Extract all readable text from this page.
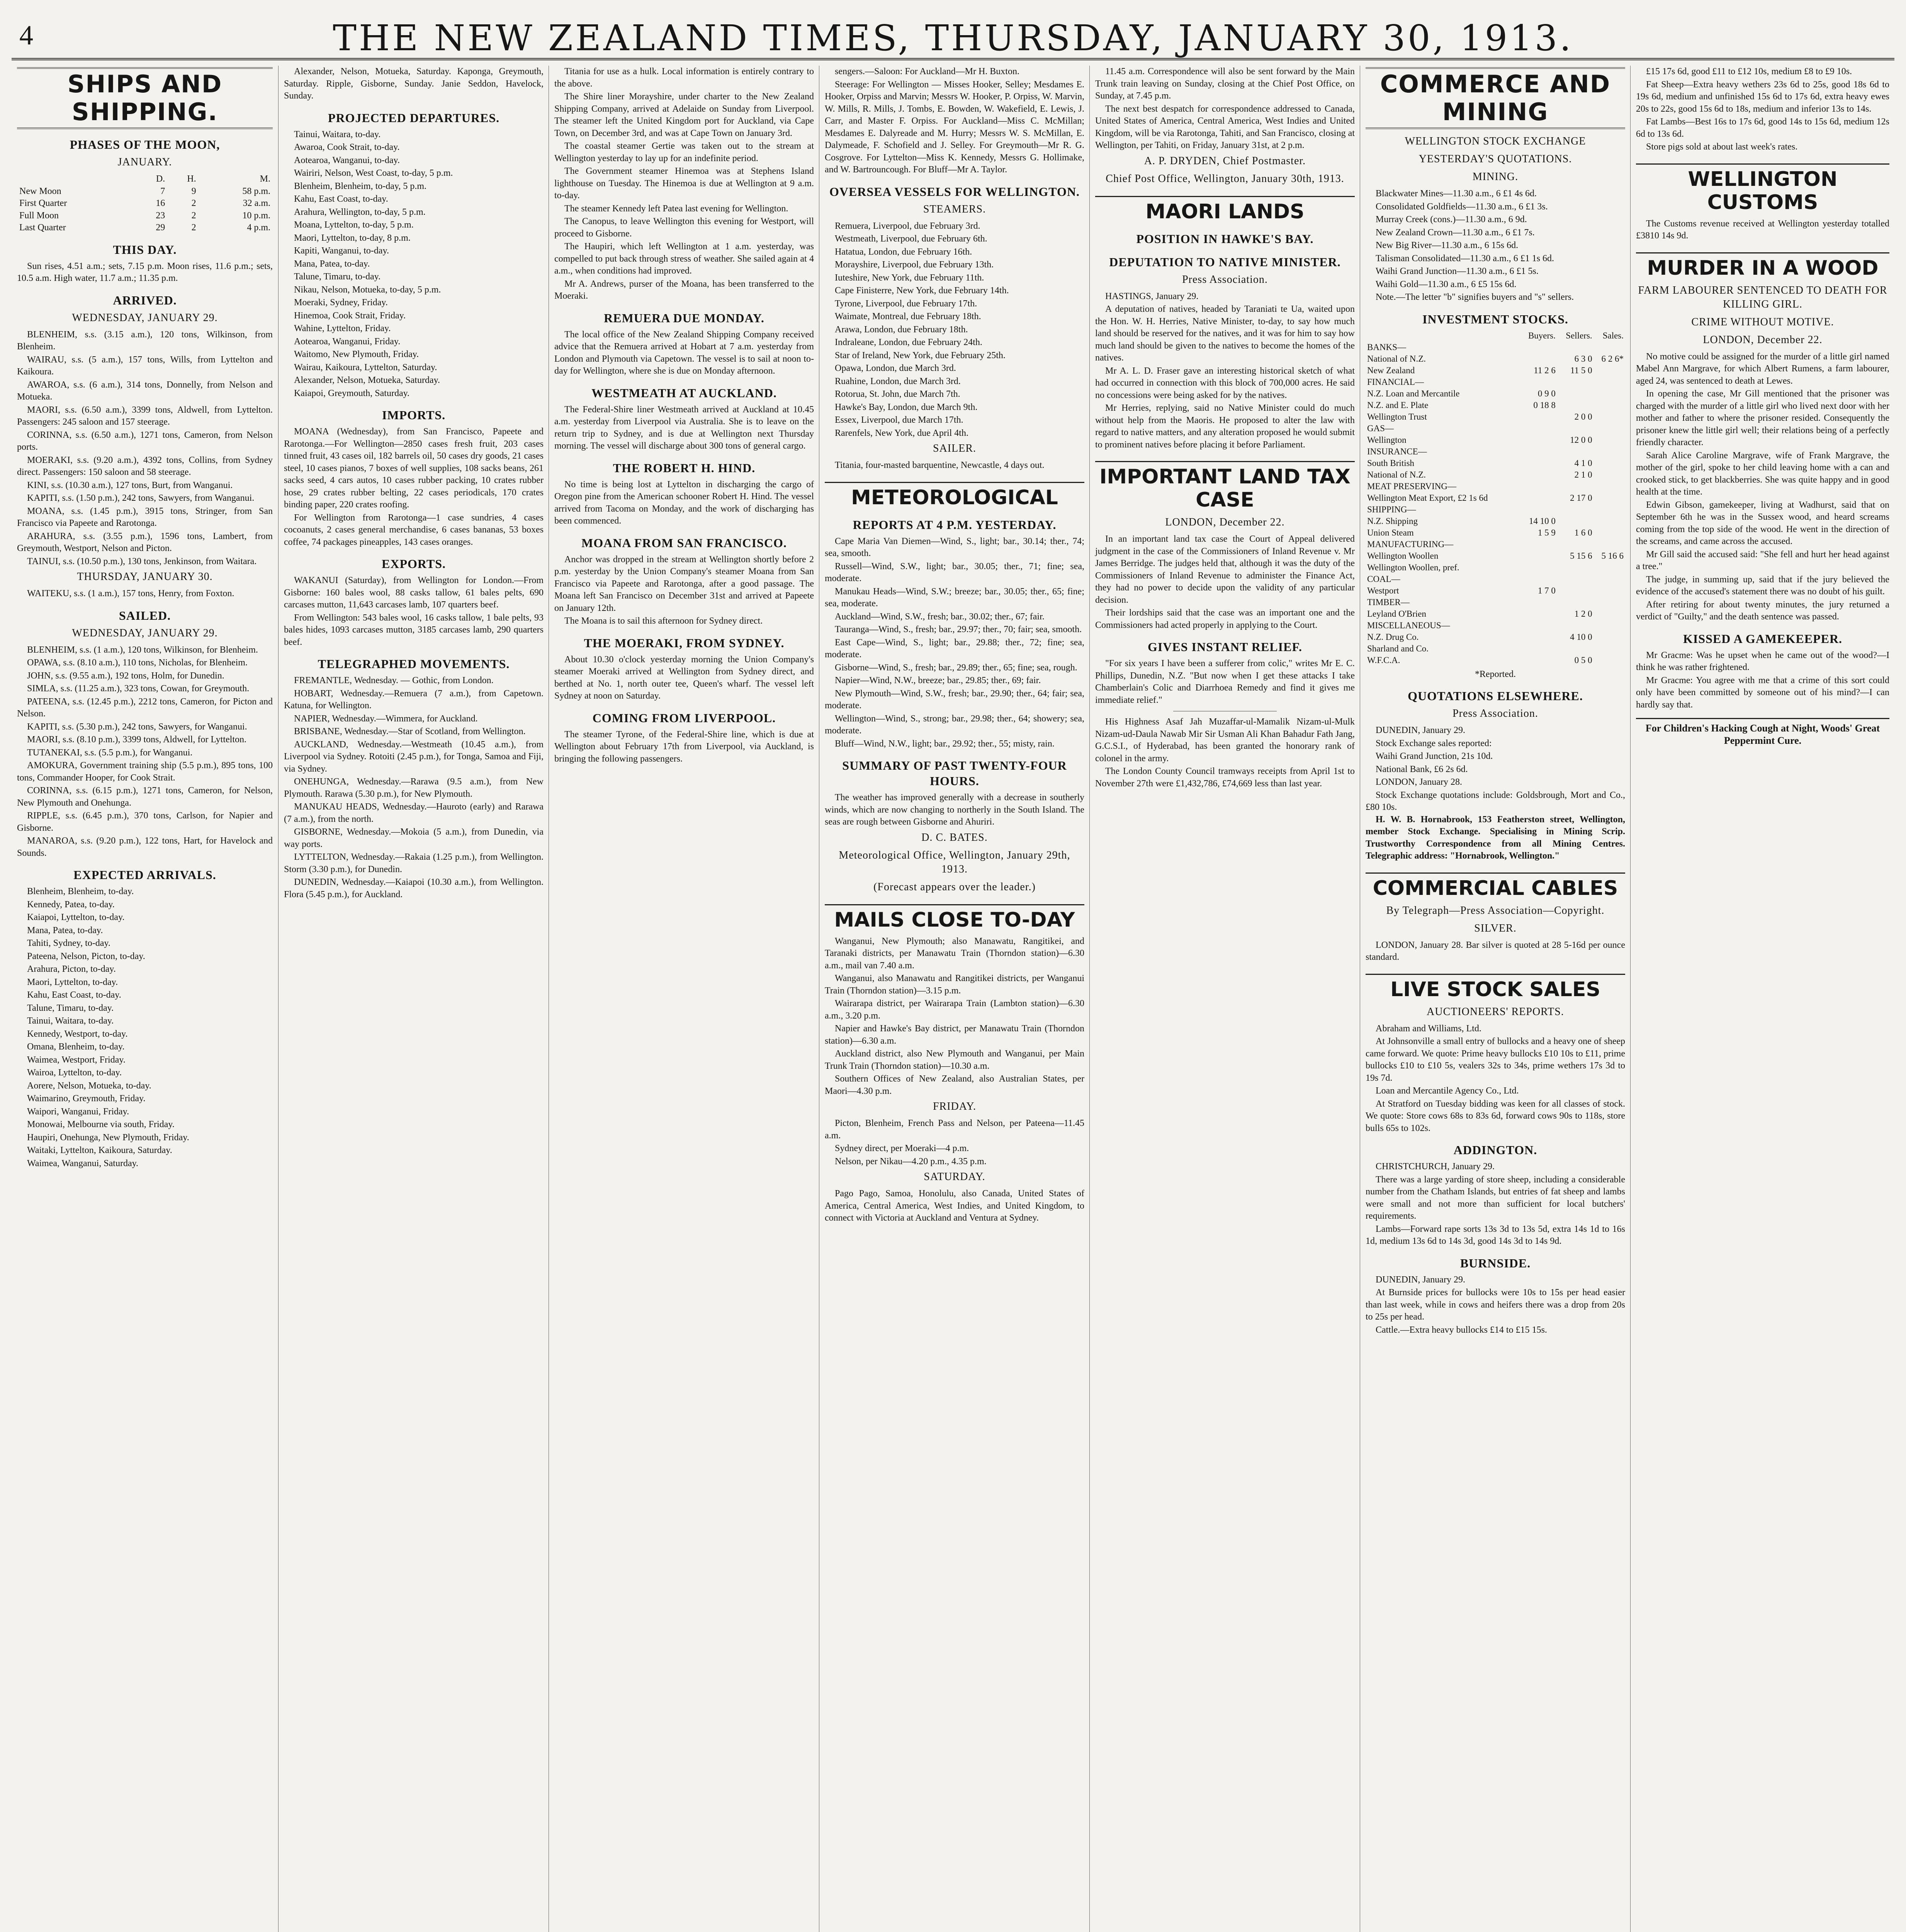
4	THE NEW ZEALAND TIMES, THURSDAY, JANUARY 30, 1913.
SHIPS AND SHIPPING.
PHASES OF THE MOON,
JANUARY.
	D.	H.	M.
New Moon	7	9	58 p.m.
First Quarter	16	2	32 a.m.
Full Moon	23	2	10 p.m.
Last Quarter	29	2	4 p.m.
THIS DAY.

Sun rises, 4.51 a.m.; sets, 7.15 p.m. Moon rises, 11.6 p.m.; sets, 10.5 a.m. High water, 11.7 a.m.; 11.35 p.m.

ARRIVED.
WEDNESDAY, JANUARY 29.

BLENHEIM, s.s. (3.15 a.m.), 120 tons, Wilkinson, from Blenheim.

WAIRAU, s.s. (5 a.m.), 157 tons, Wills, from Lyttelton and Kaikoura.

AWAROA, s.s. (6 a.m.), 314 tons, Donnelly, from Nelson and Motueka.

MAORI, s.s. (6.50 a.m.), 3399 tons, Aldwell, from Lyttelton. Passengers: 245 saloon and 157 steerage.

CORINNA, s.s. (6.50 a.m.), 1271 tons, Cameron, from Nelson ports.

MOERAKI, s.s. (9.20 a.m.), 4392 tons, Collins, from Sydney direct. Passengers: 150 saloon and 58 steerage.

KINI, s.s. (10.30 a.m.), 127 tons, Burt, from Wanganui.

KAPITI, s.s. (1.50 p.m.), 242 tons, Sawyers, from Wanganui.

MOANA, s.s. (1.45 p.m.), 3915 tons, Stringer, from San Francisco via Papeete and Rarotonga.

ARAHURA, s.s. (3.55 p.m.), 1596 tons, Lambert, from Greymouth, Westport, Nelson and Picton.

TAINUI, s.s. (10.50 p.m.), 130 tons, Jenkinson, from Waitara.

THURSDAY, JANUARY 30.

WAITEKU, s.s. (1 a.m.), 157 tons, Henry, from Foxton.

SAILED.
WEDNESDAY, JANUARY 29.

BLENHEIM, s.s. (1 a.m.), 120 tons, Wilkinson, for Blenheim.

OPAWA, s.s. (8.10 a.m.), 110 tons, Nicholas, for Blenheim.

JOHN, s.s. (9.55 a.m.), 192 tons, Holm, for Dunedin.

SIMLA, s.s. (11.25 a.m.), 323 tons, Cowan, for Greymouth.

PATEENA, s.s. (12.45 p.m.), 2212 tons, Cameron, for Picton and Nelson.

KAPITI, s.s. (5.30 p.m.), 242 tons, Sawyers, for Wanganui.

MAORI, s.s. (8.10 p.m.), 3399 tons, Aldwell, for Lyttelton.

TUTANEKAI, s.s. (5.5 p.m.), for Wanganui.

AMOKURA, Government training ship (5.5 p.m.), 895 tons, 100 tons, Commander Hooper, for Cook Strait.

CORINNA, s.s. (6.15 p.m.), 1271 tons, Cameron, for Nelson, New Plymouth and Onehunga.

RIPPLE, s.s. (6.45 p.m.), 370 tons, Carlson, for Napier and Gisborne.

MANAROA, s.s. (9.20 p.m.), 122 tons, Hart, for Havelock and Sounds.

EXPECTED ARRIVALS.

Blenheim, Blenheim, to-day.

Kennedy, Patea, to-day.

Kaiapoi, Lyttelton, to-day.

Mana, Patea, to-day.

Tahiti, Sydney, to-day.

Pateena, Nelson, Picton, to-day.

Arahura, Picton, to-day.

Maori, Lyttelton, to-day.

Kahu, East Coast, to-day.

Talune, Timaru, to-day.

Tainui, Waitara, to-day.

Kennedy, Westport, to-day.

Omana, Blenheim, to-day.

Waimea, Westport, Friday.

Wairoa, Lyttelton, to-day.

Aorere, Nelson, Motueka, to-day.

Waimarino, Greymouth, Friday.

Waipori, Wanganui, Friday.

Monowai, Melbourne via south, Friday.

Haupiri, Onehunga, New Plymouth, Friday.

Waitaki, Lyttelton, Kaikoura, Saturday.

Waimea, Wanganui, Saturday.

Alexander, Nelson, Motueka, Saturday. Kaponga, Greymouth, Saturday. Ripple, Gisborne, Sunday. Janie Seddon, Havelock, Sunday.

PROJECTED DEPARTURES.

Tainui, Waitara, to-day.

Awaroa, Cook Strait, to-day.

Aotearoa, Wanganui, to-day.

Wairiri, Nelson, West Coast, to-day, 5 p.m.

Blenheim, Blenheim, to-day, 5 p.m.

Kahu, East Coast, to-day.

Arahura, Wellington, to-day, 5 p.m.

Moana, Lyttelton, to-day, 5 p.m.

Maori, Lyttelton, to-day, 8 p.m.

Kapiti, Wanganui, to-day.

Mana, Patea, to-day.

Talune, Timaru, to-day.

Nikau, Nelson, Motueka, to-day, 5 p.m.

Moeraki, Sydney, Friday.

Hinemoa, Cook Strait, Friday.

Wahine, Lyttelton, Friday.

Aotearoa, Wanganui, Friday.

Waitomo, New Plymouth, Friday.

Wairau, Kaikoura, Lyttelton, Saturday.

Alexander, Nelson, Motueka, Saturday.

Kaiapoi, Greymouth, Saturday.

IMPORTS.

MOANA (Wednesday), from San Francisco, Papeete and Rarotonga.—For Wellington—2850 cases fresh fruit, 203 cases tinned fruit, 43 cases oil, 182 barrels oil, 50 cases dry goods, 21 cases steel, 10 cases pianos, 7 boxes of well supplies, 108 sacks beans, 261 sacks seed, 4 cars autos, 10 cases rubber packing, 10 crates rubber hose, 29 crates rubber belting, 22 cases periodicals, 170 crates binding paper, 220 crates roofing.

For Wellington from Rarotonga—1 case sundries, 4 cases cocoanuts, 2 cases general merchandise, 6 cases bananas, 53 boxes coffee, 74 packages pineapples, 143 cases oranges.

EXPORTS.

WAKANUI (Saturday), from Wellington for London.—From Gisborne: 160 bales wool, 88 casks tallow, 61 bales pelts, 690 carcases mutton, 11,643 carcases lamb, 107 quarters beef.

From Wellington: 543 bales wool, 16 casks tallow, 1 bale pelts, 93 bales hides, 1093 carcases mutton, 3185 carcases lamb, 290 quarters beef.

TELEGRAPHED MOVEMENTS.

FREMANTLE, Wednesday. — Gothic, from London.

HOBART, Wednesday.—Remuera (7 a.m.), from Capetown. Katuna, for Wellington.

NAPIER, Wednesday.—Wimmera, for Auckland.

BRISBANE, Wednesday.—Star of Scotland, from Wellington.

AUCKLAND, Wednesday.—Westmeath (10.45 a.m.), from Liverpool via Sydney. Rotoiti (2.45 p.m.), for Tonga, Samoa and Fiji, via Sydney.

ONEHUNGA, Wednesday.—Rarawa (9.5 a.m.), from New Plymouth. Rarawa (5.30 p.m.), for New Plymouth.

MANUKAU HEADS, Wednesday.—Hauroto (early) and Rarawa (7 a.m.), from the north.

GISBORNE, Wednesday.—Mokoia (5 a.m.), from Dunedin, via way ports.

LYTTELTON, Wednesday.—Rakaia (1.25 p.m.), from Wellington. Storm (3.30 p.m.), for Dunedin.

DUNEDIN, Wednesday.—Kaiapoi (10.30 a.m.), from Wellington. Flora (5.45 p.m.), for Auckland.

Titania for use as a hulk. Local information is entirely contrary to the above.

The Shire liner Morayshire, under charter to the New Zealand Shipping Company, arrived at Adelaide on Sunday from Liverpool. The steamer left the United Kingdom port for Auckland, via Cape Town, on December 3rd, and was at Cape Town on January 3rd.

The coastal steamer Gertie was taken out to the stream at Wellington yesterday to lay up for an indefinite period.

The Government steamer Hinemoa was at Stephens Island lighthouse on Tuesday. The Hinemoa is due at Wellington at 9 a.m. to-day.

The steamer Kennedy left Patea last evening for Wellington.

The Canopus, to leave Wellington this evening for Westport, will proceed to Gisborne.

The Haupiri, which left Wellington at 1 a.m. yesterday, was compelled to put back through stress of weather. She sailed again at 4 a.m., when conditions had improved.

Mr A. Andrews, purser of the Moana, has been transferred to the Moeraki.

REMUERA DUE MONDAY.

The local office of the New Zealand Shipping Company received advice that the Remuera arrived at Hobart at 7 a.m. yesterday from London and Plymouth via Capetown. The vessel is to sail at noon to-day for Wellington, where she is due on Monday afternoon.

WESTMEATH AT AUCKLAND.

The Federal-Shire liner Westmeath arrived at Auckland at 10.45 a.m. yesterday from Liverpool via Australia. She is to leave on the return trip to Sydney, and is due at Wellington next Thursday morning. The vessel will discharge about 300 tons of general cargo.

THE ROBERT H. HIND.

No time is being lost at Lyttelton in discharging the cargo of Oregon pine from the American schooner Robert H. Hind. The vessel arrived from Tacoma on Monday, and the work of discharging has been commenced.

MOANA FROM SAN FRANCISCO.

Anchor was dropped in the stream at Wellington shortly before 2 p.m. yesterday by the Union Company's steamer Moana from San Francisco via Papeete and Rarotonga, after a good passage. The Moana left San Francisco on December 31st and arrived at Papeete on January 12th.

The Moana is to sail this afternoon for Sydney direct.

THE MOERAKI, FROM SYDNEY.

About 10.30 o'clock yesterday morning the Union Company's steamer Moeraki arrived at Wellington from Sydney direct, and berthed at No. 1, north outer tee, Queen's wharf. The vessel left Sydney at noon on Saturday.

COMING FROM LIVERPOOL.

The steamer Tyrone, of the Federal-Shire line, which is due at Wellington about February 17th from Liverpool, via Auckland, is bringing the following passengers.

sengers.—Saloon: For Auckland—Mr H. Buxton.

Steerage: For Wellington — Misses Hooker, Selley; Mesdames E. Hooker, Orpiss and Marvin; Messrs W. Hooker, P. Orpiss, W. Marvin, W. Mills, R. Mills, J. Tombs, E. Bowden, W. Wakefield, E. Lewis, J. Carr, and Master F. Orpiss. For Auckland—Miss C. McMillan; Mesdames E. Dalyreade and M. Hurry; Messrs W. S. McMillan, E. Dalymeade, F. Schofield and J. Selley. For Greymouth—Mr R. G. Cosgrove. For Lyttelton—Miss K. Kennedy, Messrs G. Hollimake, and W. Bartrouncough. For Bluff—Mr A. Taylor.

OVERSEA VESSELS FOR WELLINGTON.
STEAMERS.

Remuera, Liverpool, due February 3rd.

Westmeath, Liverpool, due February 6th.

Hatatua, London, due February 16th.

Morayshire, Liverpool, due February 13th.

Iuteshire, New York, due February 11th.

Cape Finisterre, New York, due February 14th.

Tyrone, Liverpool, due February 17th.

Waimate, Montreal, due February 18th.

Arawa, London, due February 18th.

Indraleane, London, due February 24th.

Star of Ireland, New York, due February 25th.

Opawa, London, due March 3rd.

Ruahine, London, due March 3rd.

Rotorua, St. John, due March 7th.

Hawke's Bay, London, due March 9th.

Essex, Liverpool, due March 17th.

Rarenfels, New York, due April 4th.

SAILER.

Titania, four-masted barquentine, Newcastle, 4 days out.

METEOROLOGICAL
REPORTS AT 4 P.M. YESTERDAY.

Cape Maria Van Diemen—Wind, S., light; bar., 30.14; ther., 74; sea, smooth.

Russell—Wind, S.W., light; bar., 30.05; ther., 71; fine; sea, moderate.

Manukau Heads—Wind, S.W.; breeze; bar., 30.05; ther., 65; fine; sea, moderate.

Auckland—Wind, S.W., fresh; bar., 30.02; ther., 67; fair.

Tauranga—Wind, S., fresh; bar., 29.97; ther., 70; fair; sea, smooth.

East Cape—Wind, S., light; bar., 29.88; ther., 72; fine; sea, moderate.

Gisborne—Wind, S., fresh; bar., 29.89; ther., 65; fine; sea, rough.

Napier—Wind, N.W., breeze; bar., 29.85; ther., 69; fair.

New Plymouth—Wind, S.W., fresh; bar., 29.90; ther., 64; fair; sea, moderate.

Wellington—Wind, S., strong; bar., 29.98; ther., 64; showery; sea, moderate.

Bluff—Wind, N.W., light; bar., 29.92; ther., 55; misty, rain.

SUMMARY OF PAST TWENTY-FOUR HOURS.

The weather has improved generally with a decrease in southerly winds, which are now changing to northerly in the South Island. The seas are rough between Gisborne and Ahuriri.

D. C. BATES.
Meteorological Office, Wellington, January 29th, 1913.
(Forecast appears over the leader.)
MAILS CLOSE TO-DAY

Wanganui, New Plymouth; also Manawatu, Rangitikei, and Taranaki districts, per Manawatu Train (Thorndon station)—6.30 a.m., mail van 7.40 a.m.

Wanganui, also Manawatu and Rangitikei districts, per Wanganui Train (Thorndon station)—3.15 p.m.

Wairarapa district, per Wairarapa Train (Lambton station)—6.30 a.m., 3.20 p.m.

Napier and Hawke's Bay district, per Manawatu Train (Thorndon station)—6.30 a.m.

Auckland district, also New Plymouth and Wanganui, per Main Trunk Train (Thorndon station)—10.30 a.m.

Southern Offices of New Zealand, also Australian States, per Maori—4.30 p.m.

FRIDAY.

Picton, Blenheim, French Pass and Nelson, per Pateena—11.45 a.m.

Sydney direct, per Moeraki—4 p.m.

Nelson, per Nikau—4.20 p.m., 4.35 p.m.

SATURDAY.

Pago Pago, Samoa, Honolulu, also Canada, United States of America, Central America, West Indies, and United Kingdom, to connect with Victoria at Auckland and Ventura at Sydney.

11.45 a.m. Correspondence will also be sent forward by the Main Trunk train leaving on Sunday, closing at the Chief Post Office, on Sunday, at 7.45 p.m.

The next best despatch for correspondence addressed to Canada, United States of America, Central America, West Indies and United Kingdom, will be via Rarotonga, Tahiti, and San Francisco, closing at Wellington, per Tahiti, on Friday, January 31st, at 2 p.m.

A. P. DRYDEN, Chief Postmaster.
Chief Post Office, Wellington, January 30th, 1913.
MAORI LANDS
POSITION IN HAWKE'S BAY.
DEPUTATION TO NATIVE MINISTER.
Press Association.

HASTINGS, January 29.

A deputation of natives, headed by Taraniati te Ua, waited upon the Hon. W. H. Herries, Native Minister, to-day, to say how much land should be reserved for the natives, and it was for him to say how much land should be given to the natives to become the homes of the natives.

Mr A. L. D. Fraser gave an interesting historical sketch of what had occurred in connection with this block of 700,000 acres. He said no concessions were being asked for by the natives.

Mr Herries, replying, said no Native Minister could do much without help from the Maoris. He proposed to alter the law with regard to native matters, and any alteration proposed he would submit to prominent natives before placing it before Parliament.

IMPORTANT LAND TAX CASE
LONDON, December 22.

In an important land tax case the Court of Appeal delivered judgment in the case of the Commissioners of Inland Revenue v. Mr James Berridge. The judges held that, although it was the duty of the Commissioners of Inland Revenue to administer the Finance Act, they had no power to decide upon the validity of any particular decision.

Their lordships said that the case was an important one and the Commissioners had acted properly in applying to the Court.

GIVES INSTANT RELIEF.

"For six years I have been a sufferer from colic," writes Mr E. C. Phillips, Dunedin, N.Z. "But now when I get these attacks I take Chamberlain's Colic and Diarrhoea Remedy and find it gives me immediate relief."

His Highness Asaf Jah Muzaffar-ul-Mamalik Nizam-ul-Mulk Nizam-ud-Daula Nawab Mir Sir Usman Ali Khan Bahadur Fath Jang, G.C.S.I., of Hyderabad, has been granted the honorary rank of colonel in the army.

The London County Council tramways receipts from April 1st to November 27th were £1,432,786, £74,669 less than last year.

COMMERCE AND MINING
WELLINGTON STOCK EXCHANGE
YESTERDAY'S QUOTATIONS.
MINING.

Blackwater Mines—11.30 a.m., 6 £1 4s 6d.

Consolidated Goldfields—11.30 a.m., 6 £1 3s.

Murray Creek (cons.)—11.30 a.m., 6 9d.

New Zealand Crown—11.30 a.m., 6 £1 7s.

New Big River—11.30 a.m., 6 15s 6d.

Talisman Consolidated—11.30 a.m., 6 £1 1s 6d.

Waihi Grand Junction—11.30 a.m., 6 £1 5s.

Waihi Gold—11.30 a.m., 6 £5 15s 6d.

Note.—The letter "b" signifies buyers and "s" sellers.

INVESTMENT STOCKS.
	Buyers.	Sellers.	Sales.
BANKS—			
National of N.Z.		6 3 0	6 2 6*
New Zealand	11 2 6	11 5 0	
FINANCIAL—			
N.Z. Loan and Mercantile	0 9 0		
N.Z. and E. Plate	0 18 8		
Wellington Trust		2 0 0	
GAS—			
Wellington		12 0 0	
INSURANCE—			
South British		4 1 0	
National of N.Z.		2 1 0	
MEAT PRESERVING—			
Wellington Meat Export, £2 1s 6d		2 17 0	
SHIPPING—			
N.Z. Shipping	14 10 0		
Union Steam	1 5 9	1 6 0	
MANUFACTURING—			
Wellington Woollen		5 15 6	5 16 6
Wellington Woollen, pref.			
COAL—			
Westport	1 7 0		
TIMBER—			
Leyland O'Brien		1 2 0	
MISCELLANEOUS—			
N.Z. Drug Co.		4 10 0	
Sharland and Co.			
W.F.C.A.		0 5 0	
*Reported.
QUOTATIONS ELSEWHERE.
Press Association.

DUNEDIN, January 29.

Stock Exchange sales reported:

Waihi Grand Junction, 21s 10d.

National Bank, £6 2s 6d.

LONDON, January 28.

Stock Exchange quotations include: Goldsbrough, Mort and Co., £80 10s.

H. W. B. Hornabrook, 153 Featherston street, Wellington, member Stock Exchange. Specialising in Mining Scrip. Trustworthy Correspondence from all Mining Centres. Telegraphic address: "Hornabrook, Wellington."

COMMERCIAL CABLES
By Telegraph—Press Association—Copyright.
SILVER.

LONDON, January 28. Bar silver is quoted at 28 5-16d per ounce standard.

LIVE STOCK SALES
AUCTIONEERS' REPORTS.

Abraham and Williams, Ltd.

At Johnsonville a small entry of bullocks and a heavy one of sheep came forward. We quote: Prime heavy bullocks £10 10s to £11, prime bullocks £10 to £10 5s, vealers 32s to 34s, prime wethers 17s 3d to 19s 7d.

Loan and Mercantile Agency Co., Ltd.

At Stratford on Tuesday bidding was keen for all classes of stock. We quote: Store cows 68s to 83s 6d, forward cows 90s to 118s, store bulls 65s to 102s.

ADDINGTON.

CHRISTCHURCH, January 29.

There was a large yarding of store sheep, including a considerable number from the Chatham Islands, but entries of fat sheep and lambs were small and not more than sufficient for local butchers' requirements.

Lambs—Forward rape sorts 13s 3d to 13s 5d, extra 14s 1d to 16s 1d, medium 13s 6d to 14s 3d, good 14s 3d to 14s 9d.

BURNSIDE.

DUNEDIN, January 29.

At Burnside prices for bullocks were 10s to 15s per head easier than last week, while in cows and heifers there was a drop from 20s to 25s per head.

Cattle.—Extra heavy bullocks £14 to £15 15s.

£15 17s 6d, good £11 to £12 10s, medium £8 to £9 10s.

Fat Sheep—Extra heavy wethers 23s 6d to 25s, good 18s 6d to 19s 6d, medium and unfinished 15s 6d to 17s 6d, extra heavy ewes 20s to 22s, good 15s 6d to 18s, medium and inferior 13s to 14s.

Fat Lambs—Best 16s to 17s 6d, good 14s to 15s 6d, medium 12s 6d to 13s 6d.

Store pigs sold at about last week's rates.

WELLINGTON CUSTOMS

The Customs revenue received at Wellington yesterday totalled £3810 14s 9d.

MURDER IN A WOOD
FARM LABOURER SENTENCED TO DEATH FOR KILLING GIRL.
CRIME WITHOUT MOTIVE.
LONDON, December 22.

No motive could be assigned for the murder of a little girl named Mabel Ann Margrave, for which Albert Rumens, a farm labourer, aged 24, was sentenced to death at Lewes.

In opening the case, Mr Gill mentioned that the prisoner was charged with the murder of a little girl who lived next door with her mother and father to where the prisoner resided. Consequently the prisoner knew the little girl well; their relations being of a perfectly friendly character.

Sarah Alice Caroline Margrave, wife of Frank Margrave, the mother of the girl, spoke to her child leaving home with a can and crooked stick, to get blackberries. She was quite happy and in good health at the time.

Edwin Gibson, gamekeeper, living at Wadhurst, said that on September 6th he was in the Sussex wood, and heard screams coming from the top side of the wood. He went in the direction of the screams, and came across the accused.

Mr Gill said the accused said: "She fell and hurt her head against a tree."

The judge, in summing up, said that if the jury believed the evidence of the accused's statement there was no doubt of his guilt.

After retiring for about twenty minutes, the jury returned a verdict of "Guilty," and the death sentence was passed.

KISSED A GAMEKEEPER.

Mr Gracme: Was he upset when he came out of the wood?—I think he was rather frightened.

Mr Gracme: You agree with me that a crime of this sort could only have been committed by someone out of his mind?—I can hardly say that.

For Children's Hacking Cough at Night, Woods' Great Peppermint Cure.
